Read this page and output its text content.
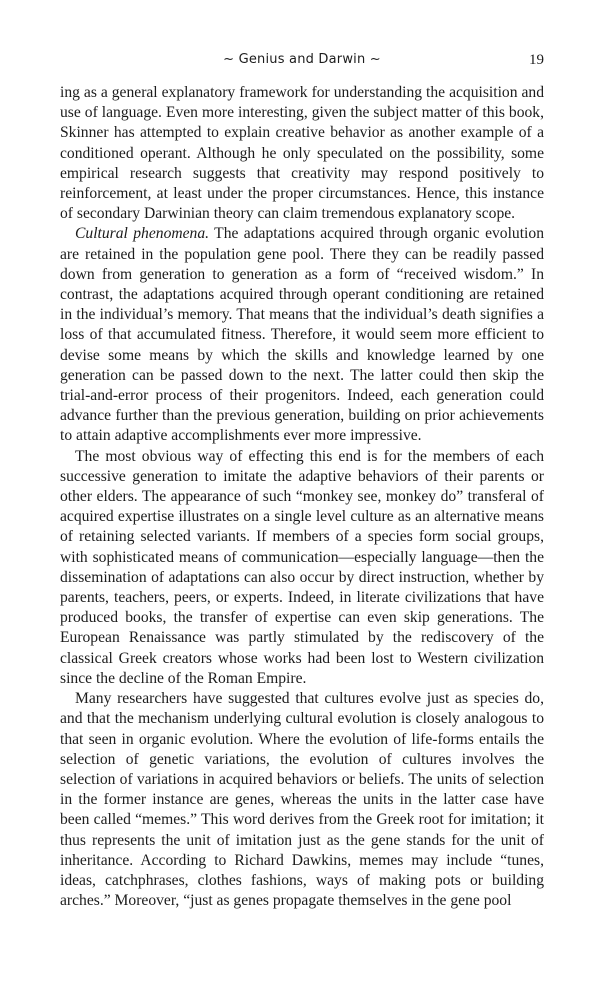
~ Genius and Darwin ~	19

ing as a general explanatory framework for understanding the acquisition and use of language. Even more interesting, given the subject matter of this book, Skinner has attempted to explain creative behavior as another example of a conditioned operant. Although he only speculated on the possibility, some empirical research suggests that creativity may respond positively to reinforcement, at least under the proper circumstances. Hence, this instance of secondary Darwinian theory can claim tremendous explanatory scope.

Cultural phenomena. The adaptations acquired through organic evolution are retained in the population gene pool. There they can be readily passed down from generation to generation as a form of “received wisdom.” In contrast, the adaptations acquired through operant conditioning are retained in the individual’s memory. That means that the individual’s death signifies a loss of that accumulated fitness. Therefore, it would seem more efficient to devise some means by which the skills and knowledge learned by one generation can be passed down to the next. The latter could then skip the trial-and-error process of their progenitors. Indeed, each generation could advance further than the previous generation, building on prior achievements to attain adaptive accomplishments ever more impressive.

The most obvious way of effecting this end is for the members of each successive generation to imitate the adaptive behaviors of their parents or other elders. The appearance of such “monkey see, monkey do” transferal of acquired expertise illustrates on a single level culture as an alternative means of retaining selected variants. If members of a species form social groups, with sophisticated means of communication—especially language—then the dissemination of adaptations can also occur by direct instruction, whether by parents, teachers, peers, or experts. Indeed, in literate civilizations that have produced books, the transfer of expertise can even skip generations. The European Renaissance was partly stimulated by the rediscovery of the classical Greek creators whose works had been lost to Western civilization since the decline of the Roman Empire.

Many researchers have suggested that cultures evolve just as species do, and that the mechanism underlying cultural evolution is closely analogous to that seen in organic evolution. Where the evolution of life-forms entails the selection of genetic variations, the evolution of cultures involves the selection of variations in acquired behaviors or beliefs. The units of selection in the former instance are genes, whereas the units in the latter case have been called “memes.” This word derives from the Greek root for imitation; it thus represents the unit of imitation just as the gene stands for the unit of inheritance. According to Richard Dawkins, memes may include “tunes, ideas, catchphrases, clothes fashions, ways of making pots or building arches.” Moreover, “just as genes propagate themselves in the gene pool
